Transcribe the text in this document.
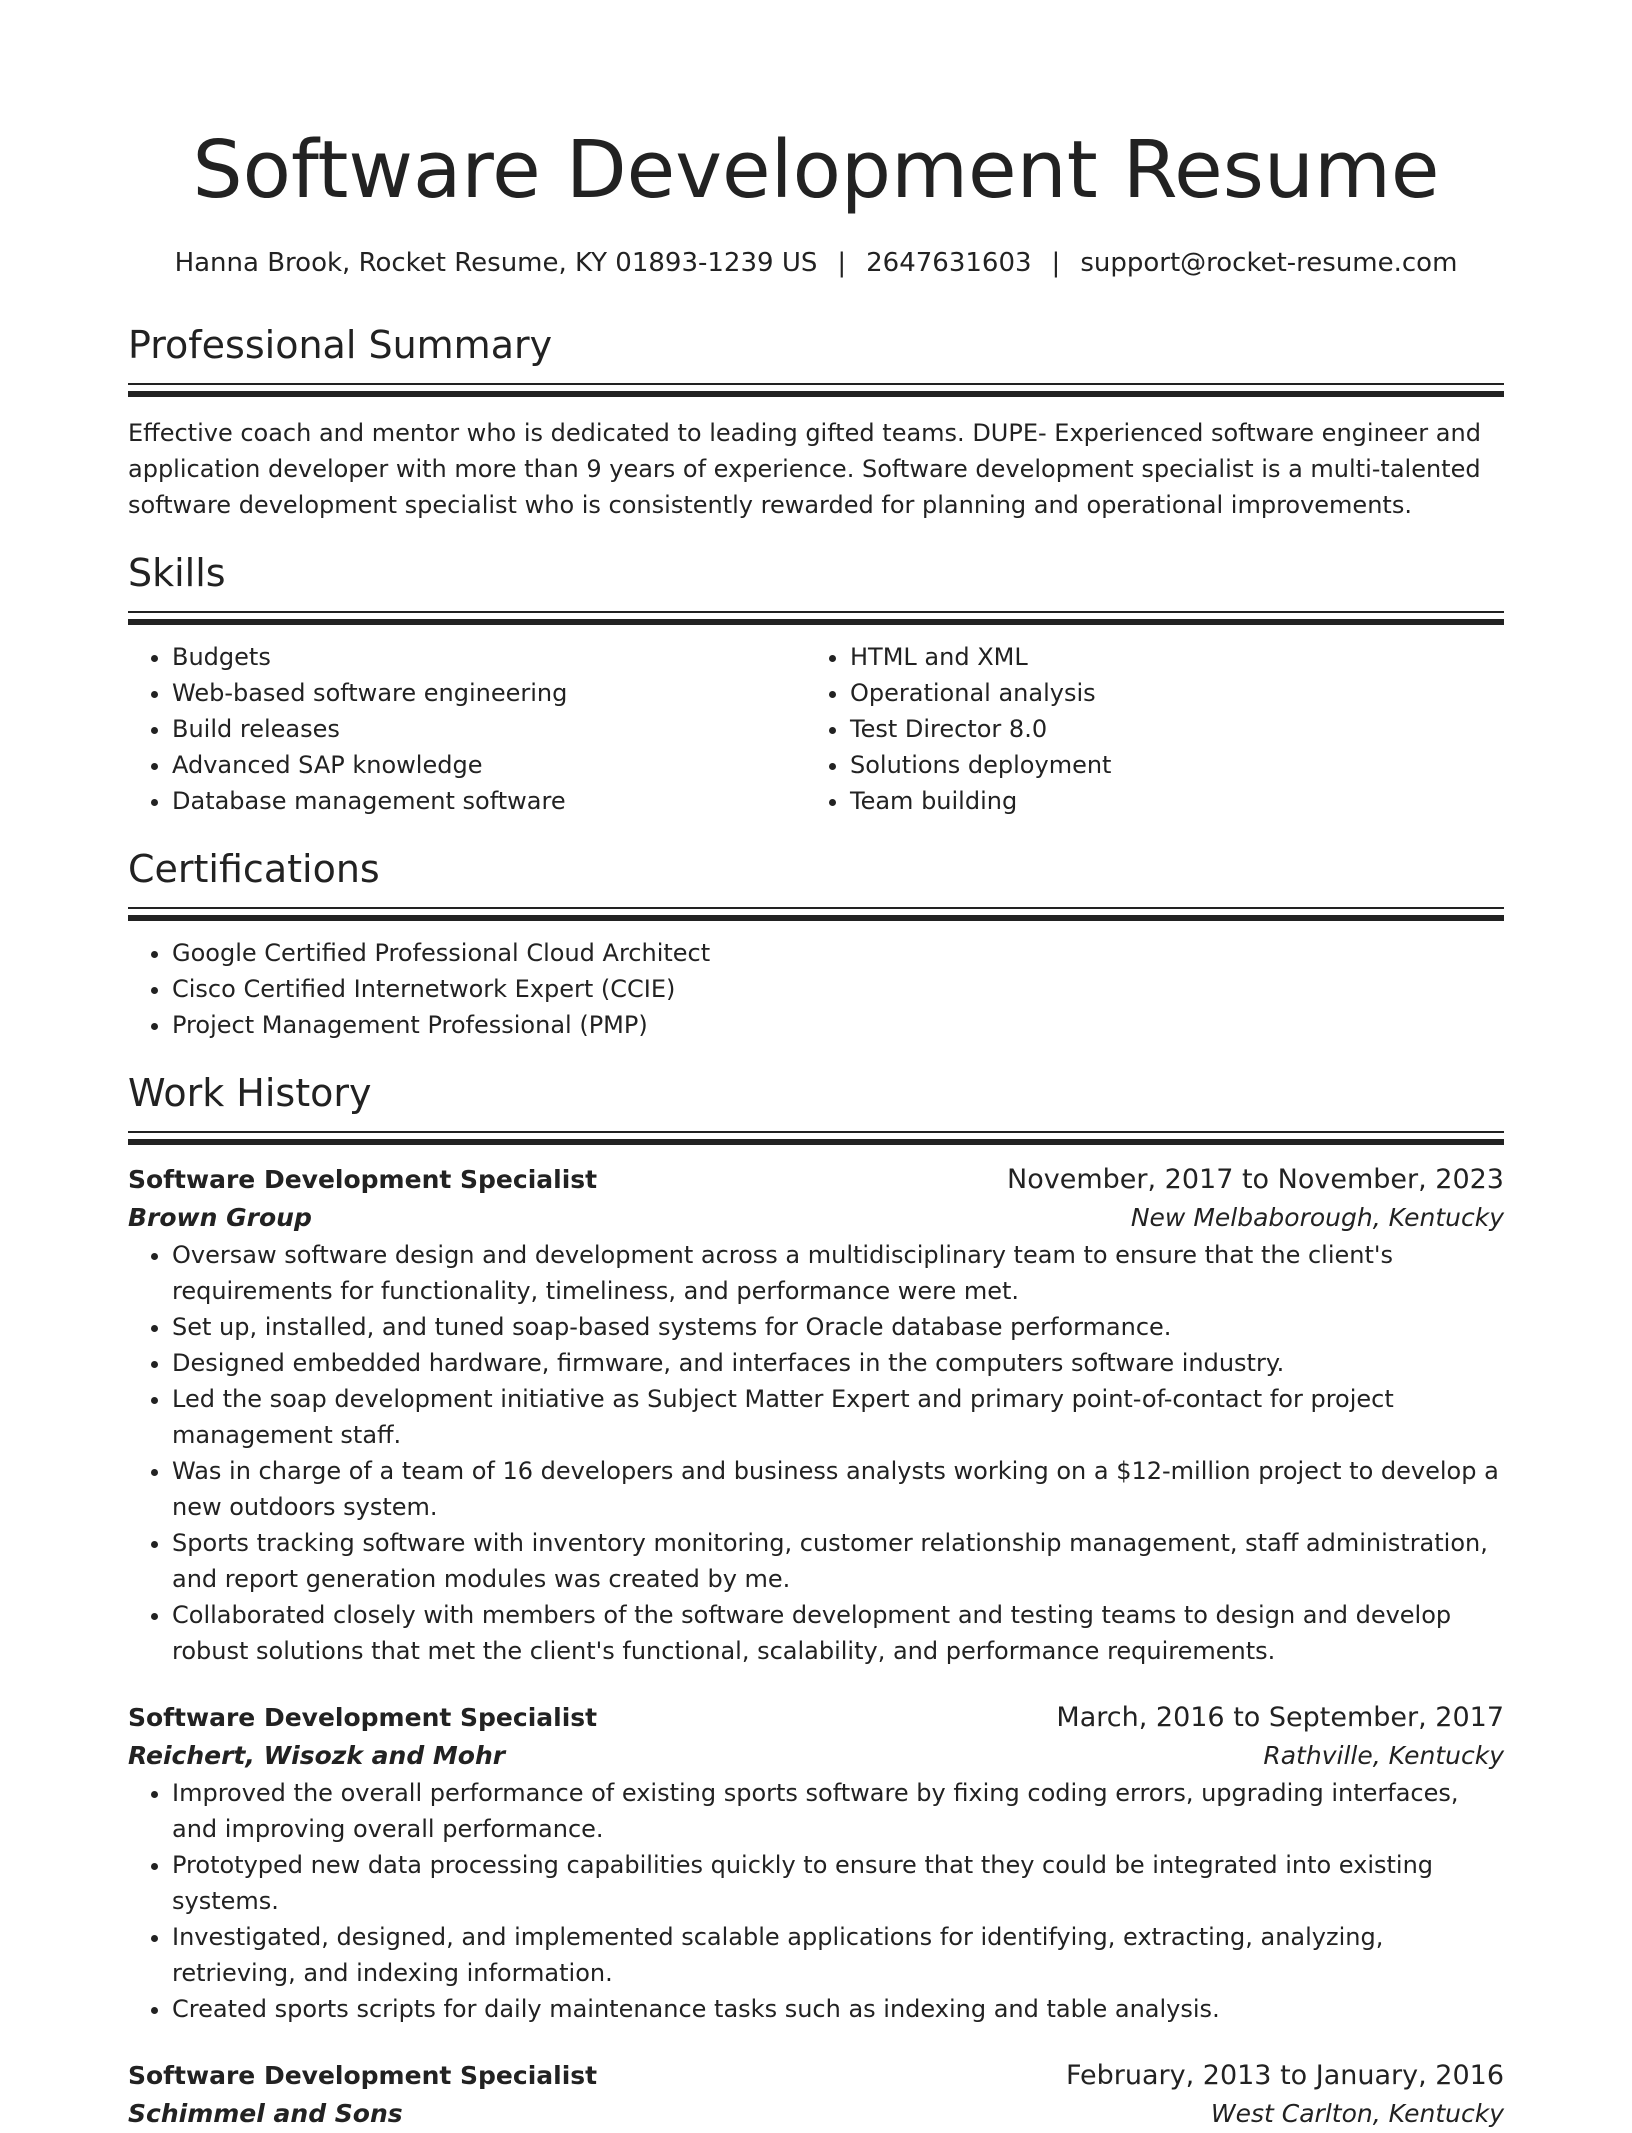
Software Development Resume
Hanna Brook, Rocket Resume, KY 01893-1239 US | 2647631603 | support@rocket-resume.com
Professional Summary

Effective coach and mentor who is dedicated to leading gifted teams. DUPE- Experienced software engineer and application developer with more than 9 years of experience. Software development specialist is a multi-talented software development specialist who is consistently rewarded for planning and operational improvements.

Skills
• Budgets
• Web-based software engineering
• Build releases
• Advanced SAP knowledge
• Database management software
• HTML and XML
• Operational analysis
• Test Director 8.0
• Solutions deployment
• Team building
Certifications
• Google Certified Professional Cloud Architect
• Cisco Certified Internetwork Expert (CCIE)
• Project Management Professional (PMP)
Work History
Software Development Specialist	November, 2017 to November, 2023
Brown Group	New Melbaborough, Kentucky
• Oversaw software design and development across a multidisciplinary team to ensure that the client's requirements for functionality, timeliness, and performance were met.
• Set up, installed, and tuned soap-based systems for Oracle database performance.
• Designed embedded hardware, firmware, and interfaces in the computers software industry.
• Led the soap development initiative as Subject Matter Expert and primary point-of-contact for project management staff.
• Was in charge of a team of 16 developers and business analysts working on a $12-million project to develop a new outdoors system.
• Sports tracking software with inventory monitoring, customer relationship management, staff administration, and report generation modules was created by me.
• Collaborated closely with members of the software development and testing teams to design and develop robust solutions that met the client's functional, scalability, and performance requirements.
Software Development Specialist	March, 2016 to September, 2017
Reichert, Wisozk and Mohr	Rathville, Kentucky
• Improved the overall performance of existing sports software by fixing coding errors, upgrading interfaces, and improving overall performance.
• Prototyped new data processing capabilities quickly to ensure that they could be integrated into existing systems.
• Investigated, designed, and implemented scalable applications for identifying, extracting, analyzing, retrieving, and indexing information.
• Created sports scripts for daily maintenance tasks such as indexing and table analysis.
Software Development Specialist	February, 2013 to January, 2016
Schimmel and Sons	West Carlton, Kentucky
